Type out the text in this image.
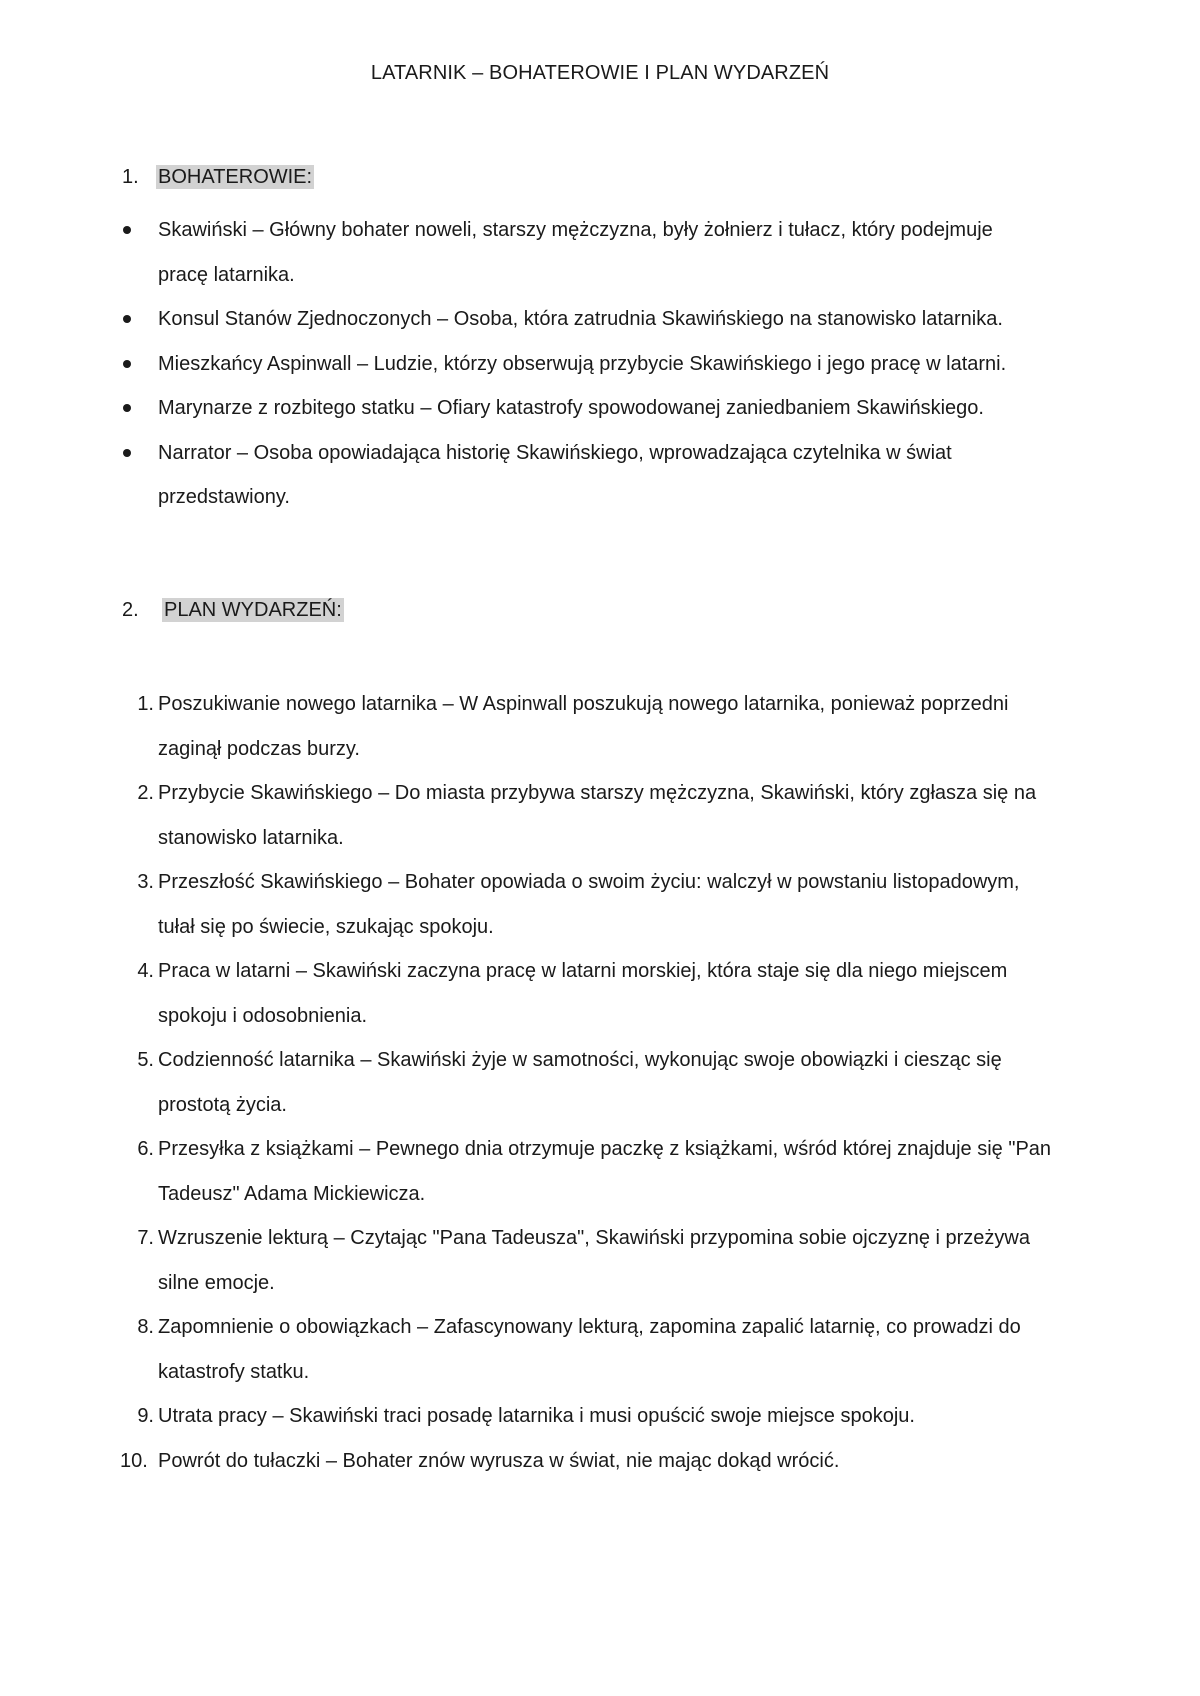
LATARNIK – BOHATEROWIE I PLAN WYDARZEŃ
1. BOHATEROWIE:
Skawiński – Główny bohater noweli, starszy mężczyzna, były żołnierz i tułacz, który podejmuje
pracę latarnika.
Konsul Stanów Zjednoczonych – Osoba, która zatrudnia Skawińskiego na stanowisko latarnika.
Mieszkańcy Aspinwall – Ludzie, którzy obserwują przybycie Skawińskiego i jego pracę w latarni.
Marynarze z rozbitego statku – Ofiary katastrofy spowodowanej zaniedbaniem Skawińskiego.
Narrator – Osoba opowiadająca historię Skawińskiego, wprowadzająca czytelnika w świat
przedstawiony.
2. PLAN WYDARZEŃ:
1. Poszukiwanie nowego latarnika – W Aspinwall poszukują nowego latarnika, ponieważ poprzedni
zaginął podczas burzy.
2. Przybycie Skawińskiego – Do miasta przybywa starszy mężczyzna, Skawiński, który zgłasza się na
stanowisko latarnika.
3. Przeszłość Skawińskiego – Bohater opowiada o swoim życiu: walczył w powstaniu listopadowym,
tułał się po świecie, szukając spokoju.
4. Praca w latarni – Skawiński zaczyna pracę w latarni morskiej, która staje się dla niego miejscem
spokoju i odosobnienia.
5. Codzienność latarnika – Skawiński żyje w samotności, wykonując swoje obowiązki i ciesząc się
prostotą życia.
6. Przesyłka z książkami – Pewnego dnia otrzymuje paczkę z książkami, wśród której znajduje się "Pan
Tadeusz" Adama Mickiewicza.
7. Wzruszenie lekturą – Czytając "Pana Tadeusza", Skawiński przypomina sobie ojczyznę i przeżywa
silne emocje.
8. Zapomnienie o obowiązkach – Zafascynowany lekturą, zapomina zapalić latarnię, co prowadzi do
katastrofy statku.
9. Utrata pracy – Skawiński traci posadę latarnika i musi opuścić swoje miejsce spokoju.
10. Powrót do tułaczki – Bohater znów wyrusza w świat, nie mając dokąd wrócić.
